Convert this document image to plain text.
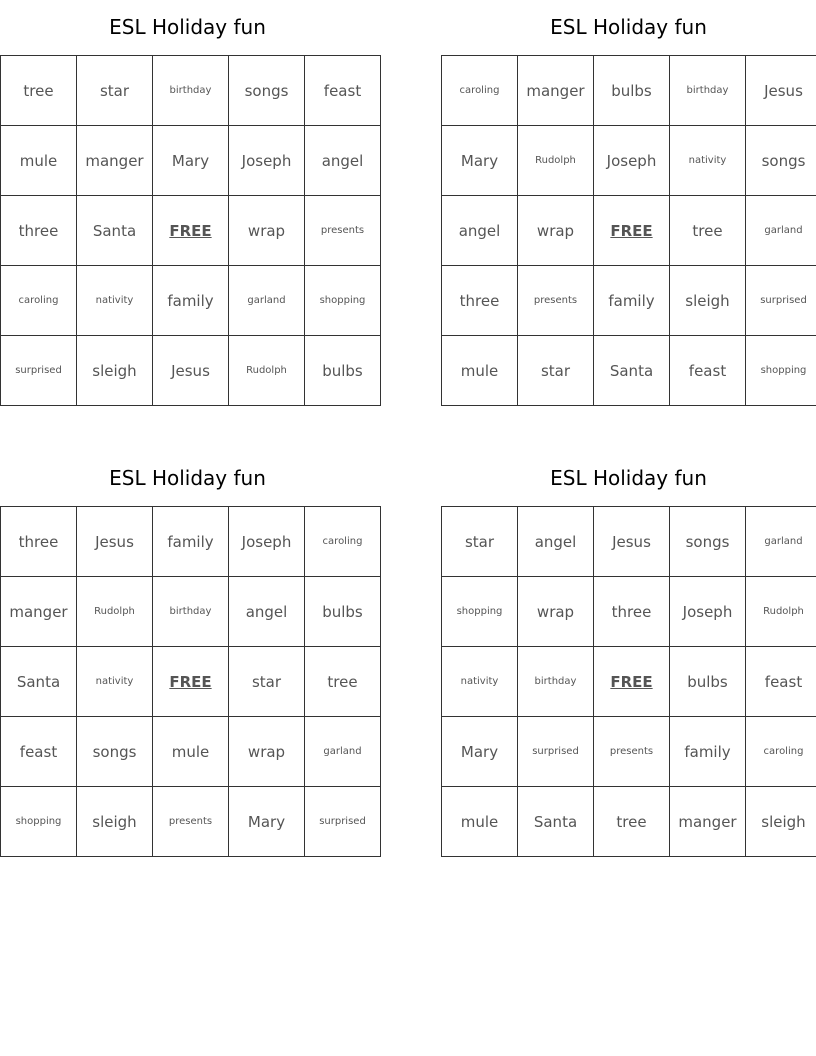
ESL Holiday fun
tree	star	birthday	songs	feast
mule	manger	Mary	Joseph	angel
three	Santa	FREE	wrap	presents
caroling	nativity	family	garland	shopping
surprised	sleigh	Jesus	Rudolph	bulbs
ESL Holiday fun
caroling	manger	bulbs	birthday	Jesus
Mary	Rudolph	Joseph	nativity	songs
angel	wrap	FREE	tree	garland
three	presents	family	sleigh	surprised
mule	star	Santa	feast	shopping
ESL Holiday fun
three	Jesus	family	Joseph	caroling
manger	Rudolph	birthday	angel	bulbs
Santa	nativity	FREE	star	tree
feast	songs	mule	wrap	garland
shopping	sleigh	presents	Mary	surprised
ESL Holiday fun
star	angel	Jesus	songs	garland
shopping	wrap	three	Joseph	Rudolph
nativity	birthday	FREE	bulbs	feast
Mary	surprised	presents	family	caroling
mule	Santa	tree	manger	sleigh
